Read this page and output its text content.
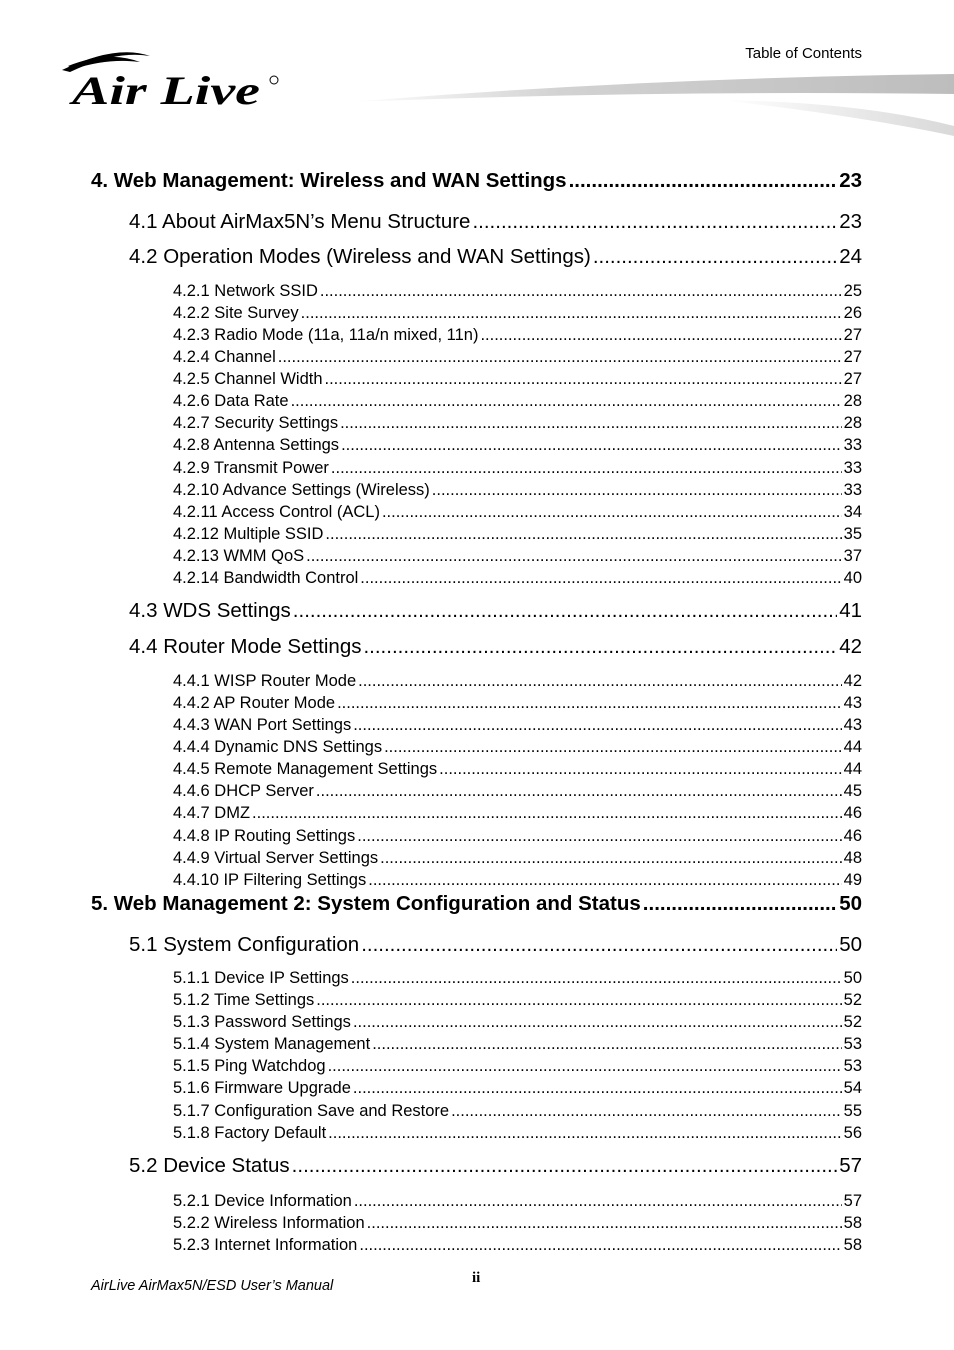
Air Live
Table of Contents
4. Web Management: Wireless and WAN Settings .....	23
4.1 About AirMax5N’s Menu Structure .....	23
4.2 Operation Modes (Wireless and WAN Settings) .....	24
4.2.1 Network SSID .....	25
4.2.2 Site Survey .....	26
4.2.3 Radio Mode (11a, 11a/n mixed, 11n) .....	27
4.2.4 Channel .....	27
4.2.5 Channel Width .....	27
4.2.6 Data Rate .....	28
4.2.7 Security Settings .....	28
4.2.8 Antenna Settings .....	33
4.2.9 Transmit Power .....	33
4.2.10 Advance Settings (Wireless) .....	33
4.2.11 Access Control (ACL) .....	34
4.2.12 Multiple SSID .....	35
4.2.13 WMM QoS .....	37
4.2.14 Bandwidth Control .....	40
4.3 WDS Settings .....	41
4.4 Router Mode Settings .....	42
4.4.1 WISP Router Mode .....	42
4.4.2 AP Router Mode .....	43
4.4.3 WAN Port Settings .....	43
4.4.4 Dynamic DNS Settings .....	44
4.4.5 Remote Management Settings .....	44
4.4.6 DHCP Server .....	45
4.4.7 DMZ .....	46
4.4.8 IP Routing Settings .....	46
4.4.9 Virtual Server Settings .....	48
4.4.10 IP Filtering Settings .....	49
5. Web Management 2: System Configuration and Status .....	50
5.1 System Configuration .....	50
5.1.1 Device IP Settings .....	50
5.1.2 Time Settings .....	52
5.1.3 Password Settings .....	52
5.1.4 System Management .....	53
5.1.5 Ping Watchdog .....	53
5.1.6 Firmware Upgrade .....	54
5.1.7 Configuration Save and Restore .....	55
5.1.8 Factory Default .....	56
5.2 Device Status .....	57
5.2.1 Device Information .....	57
5.2.2 Wireless Information .....	58
5.2.3 Internet Information .....	58
AirLive AirMax5N/ESD User’s Manual	ii
